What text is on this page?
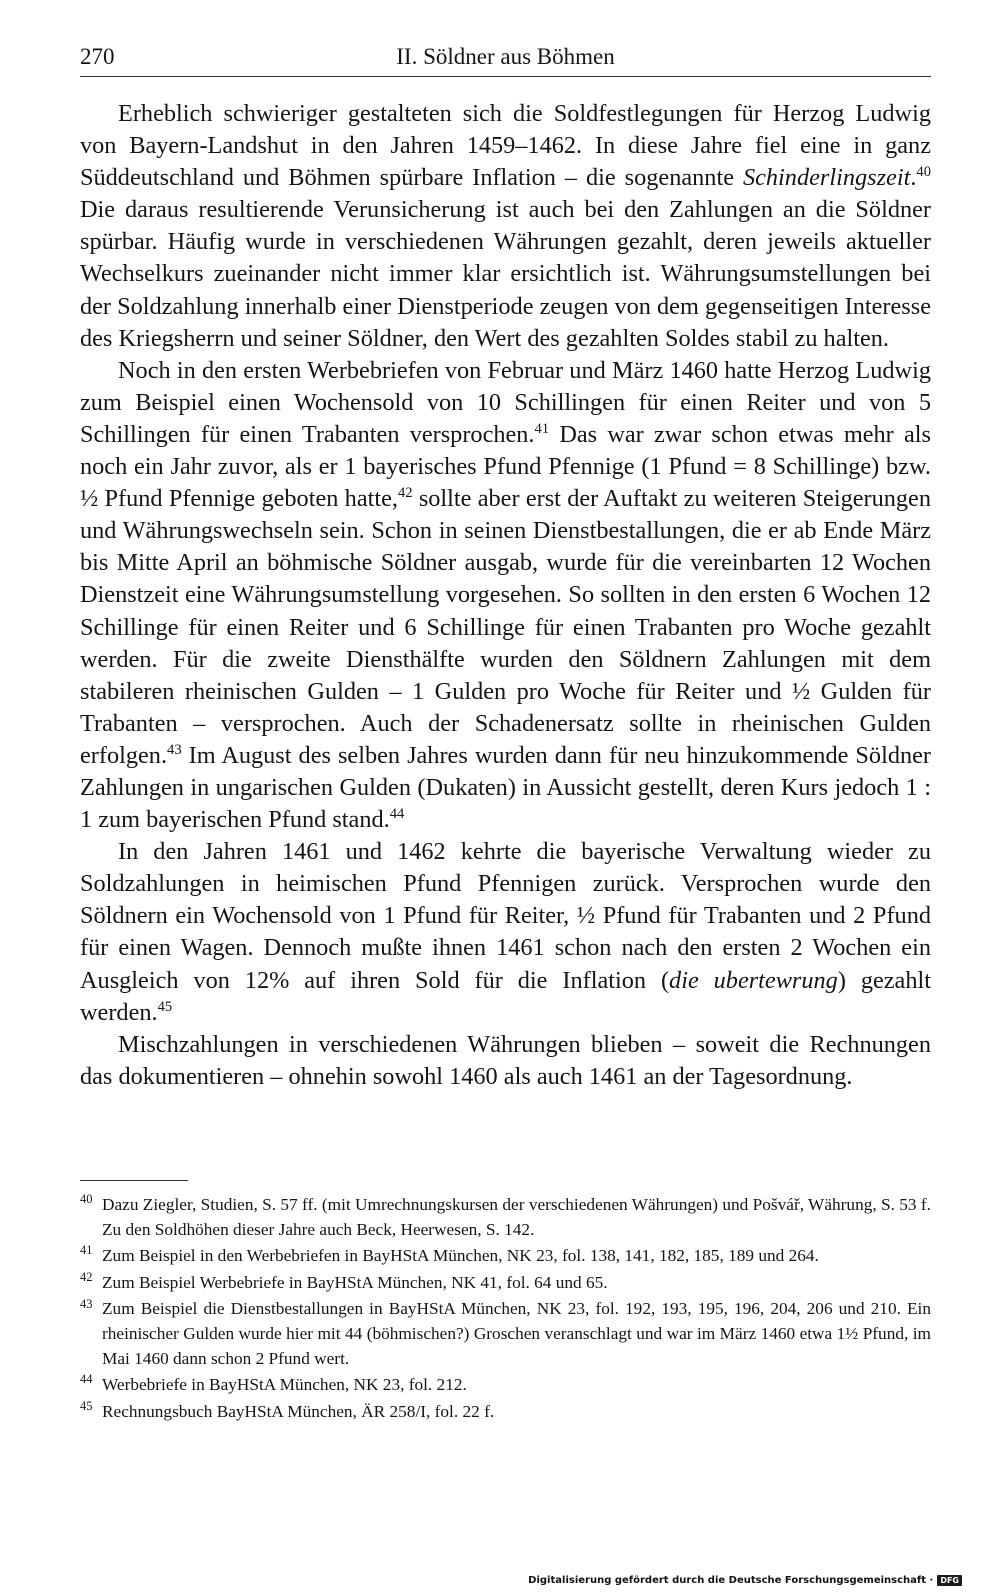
270	II. Söldner aus Böhmen

Erheblich schwieriger gestalteten sich die Soldfestlegungen für Herzog Ludwig von Bayern-Landshut in den Jahren 1459–1462. In diese Jahre fiel eine in ganz Süddeutschland und Böhmen spürbare Inflation – die sogenannte Schinderlingszeit.$^{40}$ Die daraus resultierende Verunsicherung ist auch bei den Zahlungen an die Söldner spürbar. Häufig wurde in verschiedenen Währungen gezahlt, deren jeweils aktueller Wechselkurs zueinander nicht immer klar ersichtlich ist. Währungsumstellungen bei der Soldzahlung innerhalb einer Dienstperiode zeugen von dem gegenseitigen Interesse des Kriegsherrn und seiner Söldner, den Wert des gezahlten Soldes stabil zu halten.

Noch in den ersten Werbebriefen von Februar und März 1460 hatte Herzog Ludwig zum Beispiel einen Wochensold von 10 Schillingen für einen Reiter und von 5 Schillingen für einen Trabanten versprochen.$^{41}$ Das war zwar schon etwas mehr als noch ein Jahr zuvor, als er 1 bayerisches Pfund Pfennige (1 Pfund = 8 Schillinge) bzw. ½ Pfund Pfennige geboten hatte,$^{42}$ sollte aber erst der Auftakt zu weiteren Steigerungen und Währungswechseln sein. Schon in seinen Dienstbestallungen, die er ab Ende März bis Mitte April an böhmische Söldner ausgab, wurde für die vereinbarten 12 Wochen Dienstzeit eine Währungsumstellung vorgesehen. So sollten in den ersten 6 Wochen 12 Schillinge für einen Reiter und 6 Schillinge für einen Trabanten pro Woche gezahlt werden. Für die zweite Diensthälfte wurden den Söldnern Zahlungen mit dem stabileren rheinischen Gulden – 1 Gulden pro Woche für Reiter und ½ Gulden für Trabanten – versprochen. Auch der Schadenersatz sollte in rheinischen Gulden erfolgen.$^{43}$ Im August des selben Jahres wurden dann für neu hinzukommende Söldner Zahlungen in ungarischen Gulden (Dukaten) in Aussicht gestellt, deren Kurs jedoch 1 : 1 zum bayerischen Pfund stand.$^{44}$

In den Jahren 1461 und 1462 kehrte die bayerische Verwaltung wieder zu Soldzahlungen in heimischen Pfund Pfennigen zurück. Versprochen wurde den Söldnern ein Wochensold von 1 Pfund für Reiter, ½ Pfund für Trabanten und 2 Pfund für einen Wagen. Dennoch mußte ihnen 1461 schon nach den ersten 2 Wochen ein Ausgleich von 12% auf ihren Sold für die Inflation (die ubertewrung) gezahlt werden.$^{45}$

Mischzahlungen in verschiedenen Währungen blieben – soweit die Rechnungen das dokumentieren – ohnehin sowohl 1460 als auch 1461 an der Tagesordnung.

$^{40}$ Dazu Ziegler, Studien, S. 57 ff. (mit Umrechnungskursen der verschiedenen Währungen) und Pošvář, Währung, S. 53 f. Zu den Soldhöhen dieser Jahre auch Beck, Heerwesen, S. 142.
$^{41}$ Zum Beispiel in den Werbebriefen in BayHStA München, NK 23, fol. 138, 141, 182, 185, 189 und 264.
$^{42}$ Zum Beispiel Werbebriefe in BayHStA München, NK 41, fol. 64 und 65.
$^{43}$ Zum Beispiel die Dienstbestallungen in BayHStA München, NK 23, fol. 192, 193, 195, 196, 204, 206 und 210. Ein rheinischer Gulden wurde hier mit 44 (böhmischen?) Groschen veranschlagt und war im März 1460 etwa 1½ Pfund, im Mai 1460 dann schon 2 Pfund wert.
$^{44}$ Werbebriefe in BayHStA München, NK 23, fol. 212.
$^{45}$ Rechnungsbuch BayHStA München, ÄR 258/I, fol. 22 f.
Digitalisierung gefördert durch die Deutsche Forschungsgemeinschaft · DFG
